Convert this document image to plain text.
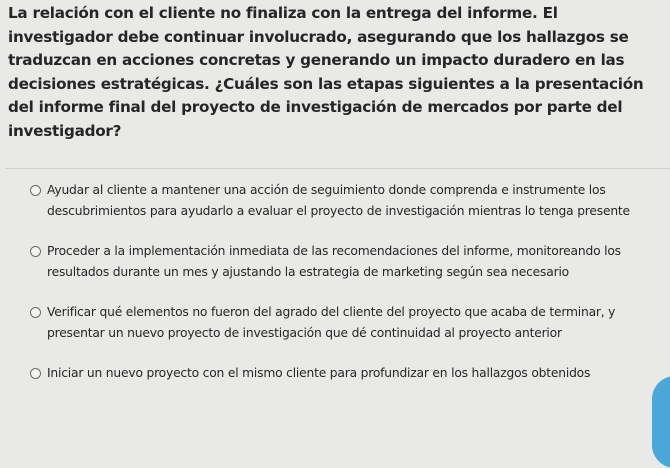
La relación con el cliente no finaliza con la entrega del informe. El investigador debe continuar involucrado, asegurando que los hallazgos se traduzcan en acciones concretas y generando un impacto duradero en las decisiones estratégicas. ¿Cuáles son las etapas siguientes a la presentación del informe final del proyecto de investigación de mercados por parte del investigador?

Ayudar al cliente a mantener una acción de seguimiento donde comprenda e instrumente los descubrimientos para ayudarlo a evaluar el proyecto de investigación mientras lo tenga presente
Proceder a la implementación inmediata de las recomendaciones del informe, monitoreando los resultados durante un mes y ajustando la estrategia de marketing según sea necesario
Verificar qué elementos no fueron del agrado del cliente del proyecto que acaba de terminar, y presentar un nuevo proyecto de investigación que dé continuidad al proyecto anterior
Iniciar un nuevo proyecto con el mismo cliente para profundizar en los hallazgos obtenidos
